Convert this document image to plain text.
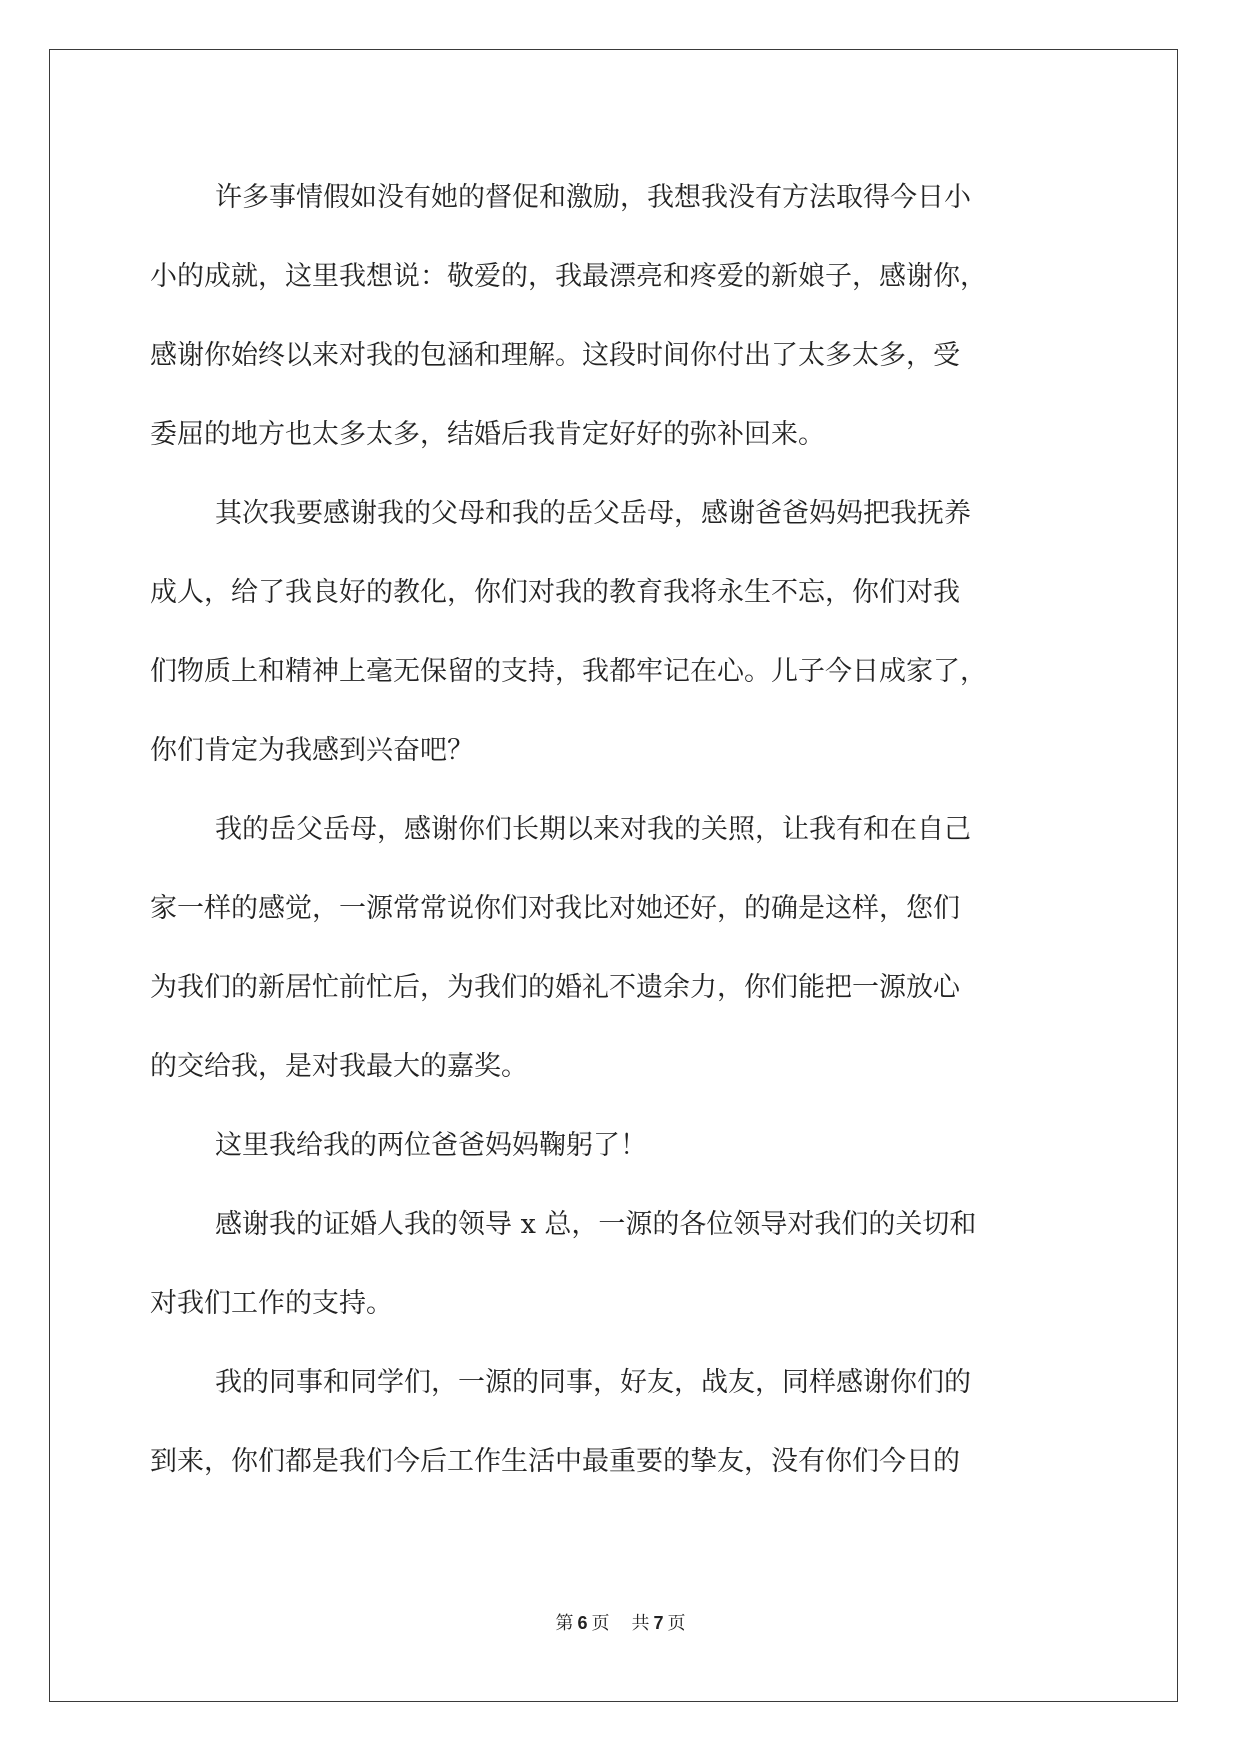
许多事情假如没有她的督促和激励，我想我没有方法取得今日小
小的成就，这里我想说：敬爱的，我最漂亮和疼爱的新娘子，感谢你，
感谢你始终以来对我的包涵和理解。这段时间你付出了太多太多，受
委屈的地方也太多太多，结婚后我肯定好好的弥补回来。
其次我要感谢我的父母和我的岳父岳母，感谢爸爸妈妈把我抚养
成人，给了我良好的教化，你们对我的教育我将永生不忘，你们对我
们物质上和精神上毫无保留的支持，我都牢记在心。儿子今日成家了，
你们肯定为我感到兴奋吧？
我的岳父岳母，感谢你们长期以来对我的关照，让我有和在自己
家一样的感觉，一源常常说你们对我比对她还好，的确是这样，您们
为我们的新居忙前忙后，为我们的婚礼不遗余力，你们能把一源放心
的交给我，是对我最大的嘉奖。
这里我给我的两位爸爸妈妈鞠躬了！
感谢我的证婚人我的领导 x 总，一源的各位领导对我们的关切和
对我们工作的支持。
我的同事和同学们，一源的同事，好友，战友，同样感谢你们的
到来，你们都是我们今后工作生活中最重要的挚友，没有你们今日的
第 6 页 共 7 页
